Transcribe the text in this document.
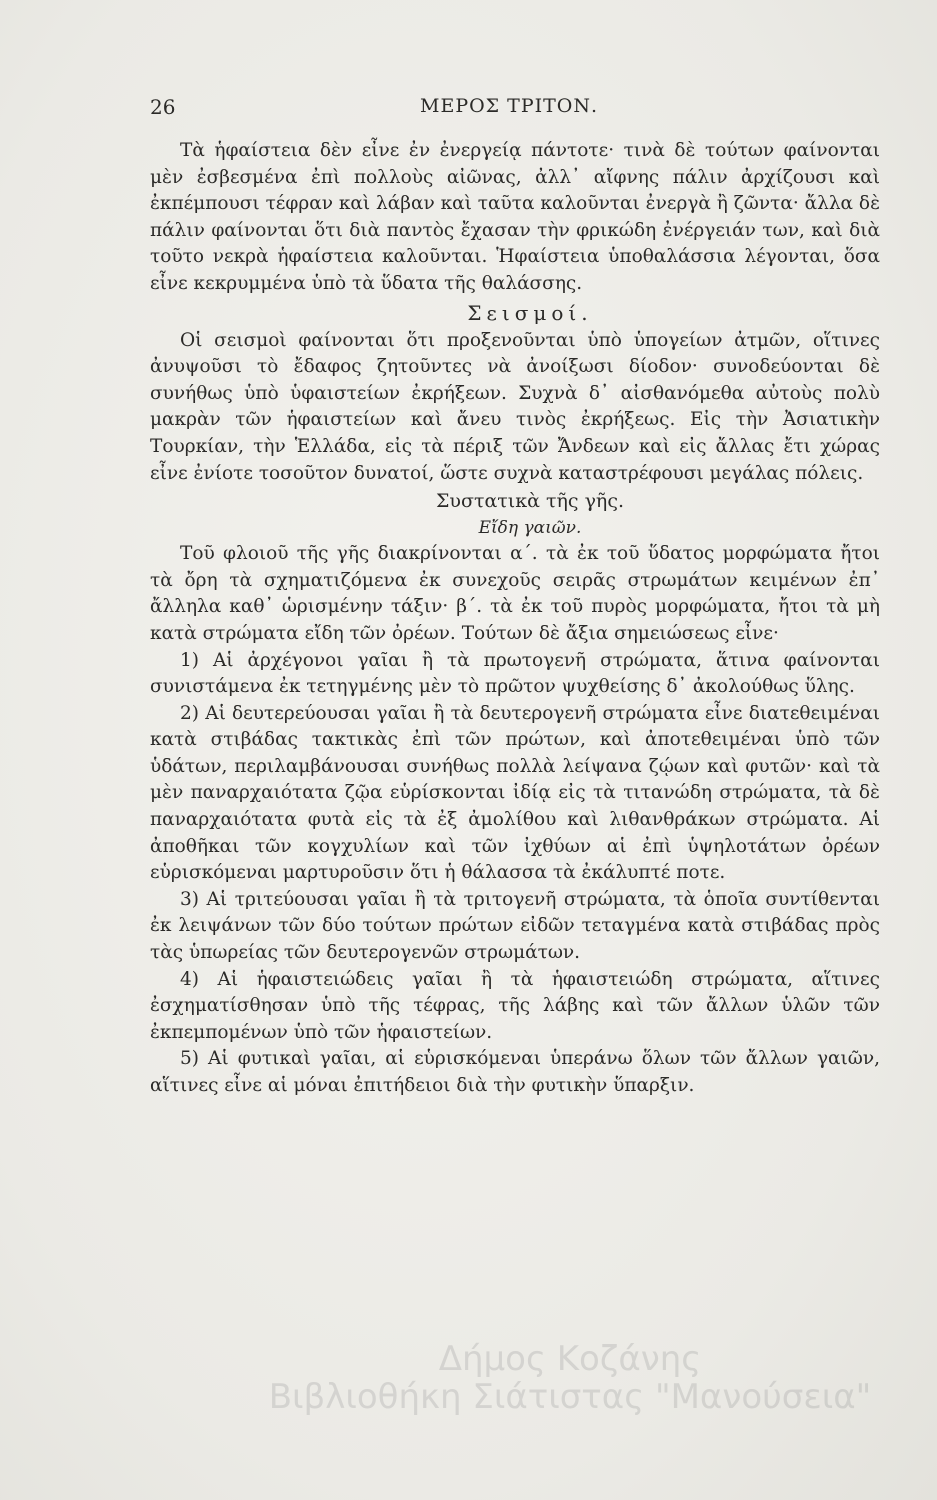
26	ΜΕΡΟΣ ΤΡΙΤΟΝ.

Τὰ ἡφαίστεια δὲν εἶνε ἐν ἐνεργείᾳ πάντοτε· τινὰ δὲ τούτων φαίνονται μὲν ἐσβεσμένα ἐπὶ πολλοὺς αἰῶνας, ἀλλ᾽ αἴφνης πάλιν ἀρχίζουσι καὶ ἐκπέμπουσι τέφραν καὶ λάβαν καὶ ταῦτα καλοῦνται ἐνεργὰ ἢ ζῶντα· ἄλλα δὲ πάλιν φαίνονται ὅτι διὰ παντὸς ἔχασαν τὴν φρικώδη ἐνέργειάν των, καὶ διὰ τοῦτο νεκρὰ ἡφαίστεια καλοῦνται. Ἡφαίστεια ὑποθαλάσσια λέγονται, ὅσα εἶνε κεκρυμμένα ὑπὸ τὰ ὕδατα τῆς θαλάσσης.

Σεισμοί.

Οἱ σεισμοὶ φαίνονται ὅτι προξενοῦνται ὑπὸ ὑπογείων ἀτμῶν, οἵτινες ἀνυψοῦσι τὸ ἔδαφος ζητοῦντες νὰ ἀνοίξωσι δίοδον· συνοδεύονται δὲ συνήθως ὑπὸ ὑφαιστείων ἐκρήξεων. Συχνὰ δ᾽ αἰσθανόμεθα αὐτοὺς πολὺ μακρὰν τῶν ἡφαιστείων καὶ ἄνευ τινὸς ἐκρήξεως. Εἰς τὴν Ἀσιατικὴν Τουρκίαν, τὴν Ἑλλάδα, εἰς τὰ πέριξ τῶν Ἄνδεων καὶ εἰς ἄλλας ἔτι χώρας εἶνε ἐνίοτε τοσοῦτον δυνατοί, ὥστε συχνὰ καταστρέφουσι μεγάλας πόλεις.

Συστατικὰ τῆς γῆς.

Εἴδη γαιῶν.

Τοῦ φλοιοῦ τῆς γῆς διακρίνονται α΄. τὰ ἐκ τοῦ ὕδατος μορφώματα ἤτοι τὰ ὄρη τὰ σχηματιζόμενα ἐκ συνεχοῦς σειρᾶς στρωμάτων κειμένων ἐπ᾽ ἄλληλα καθ᾽ ὡρισμένην τάξιν· β΄. τὰ ἐκ τοῦ πυρὸς μορφώματα, ἤτοι τὰ μὴ κατὰ στρώματα εἴδη τῶν ὀρέων. Τούτων δὲ ἄξια σημειώσεως εἶνε·

1) Αἱ ἀρχέγονοι γαῖαι ἢ τὰ πρωτογενῆ στρώματα, ἅτινα φαίνονται συνιστάμενα ἐκ τετηγμένης μὲν τὸ πρῶτον ψυχθείσης δ᾽ ἀκολούθως ὕλης.

2) Αἱ δευτερεύουσαι γαῖαι ἢ τὰ δευτερογενῆ στρώματα εἶνε διατεθειμέναι κατὰ στιβάδας τακτικὰς ἐπὶ τῶν πρώτων, καὶ ἀποτεθειμέναι ὑπὸ τῶν ὑδάτων, περιλαμβάνουσαι συνήθως πολλὰ λείψανα ζῴων καὶ φυτῶν· καὶ τὰ μὲν παναρχαιότατα ζῷα εὑρίσκονται ἰδίᾳ εἰς τὰ τιτανώδη στρώματα, τὰ δὲ παναρχαιότατα φυτὰ εἰς τὰ ἐξ ἀμολίθου καὶ λιθανθράκων στρώματα. Αἱ ἀποθῆκαι τῶν κογχυλίων καὶ τῶν ἰχθύων αἱ ἐπὶ ὑψηλοτάτων ὀρέων εὑρισκόμεναι μαρτυροῦσιν ὅτι ἡ θάλασσα τὰ ἐκάλυπτέ ποτε.

3) Αἱ τριτεύουσαι γαῖαι ἢ τὰ τριτογενῆ στρώματα, τὰ ὁποῖα συντίθενται ἐκ λειψάνων τῶν δύο τούτων πρώτων εἰδῶν τεταγμένα κατὰ στιβάδας πρὸς τὰς ὑπωρείας τῶν δευτερογενῶν στρωμάτων.

4) Αἱ ἡφαιστειώδεις γαῖαι ἢ τὰ ἡφαιστειώδη στρώματα, αἵτινες ἐσχηματίσθησαν ὑπὸ τῆς τέφρας, τῆς λάβης καὶ τῶν ἄλλων ὑλῶν τῶν ἐκπεμπομένων ὑπὸ τῶν ἡφαιστείων.

5) Αἱ φυτικαὶ γαῖαι, αἱ εὑρισκόμεναι ὑπεράνω ὅλων τῶν ἄλλων γαιῶν, αἵτινες εἶνε αἱ μόναι ἐπιτήδειοι διὰ τὴν φυτικὴν ὕπαρξιν.

Δήμος Κοζάνης
Βιβλιοθήκη Σιάτιστας "Μανούσεια"
